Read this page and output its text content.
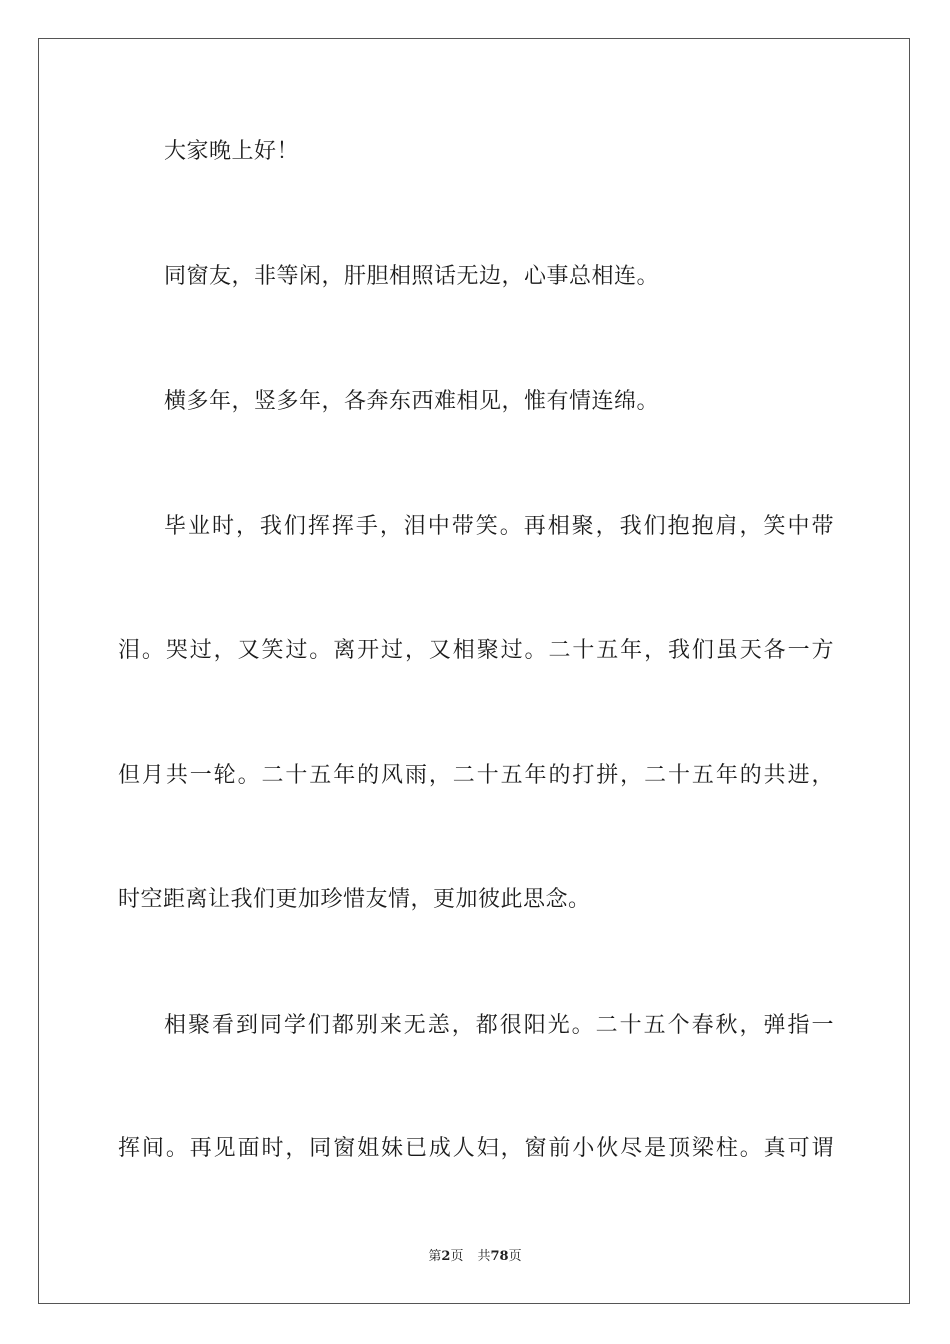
大家晚上好！
同窗友，非等闲，肝胆相照话无边，心事总相连。
横多年，竖多年，各奔东西难相见，惟有情连绵。
毕业时，我们挥挥手，泪中带笑。再相聚，我们抱抱肩，笑中带
泪。哭过，又笑过。离开过，又相聚过。二十五年，我们虽天各一方
但月共一轮。二十五年的风雨，二十五年的打拼，二十五年的共进，
时空距离让我们更加珍惜友情，更加彼此思念。
相聚看到同学们都别来无恙，都很阳光。二十五个春秋，弹指一
挥间。再见面时，同窗姐妹已成人妇，窗前小伙尽是顶梁柱。真可谓
第2页 共78页
